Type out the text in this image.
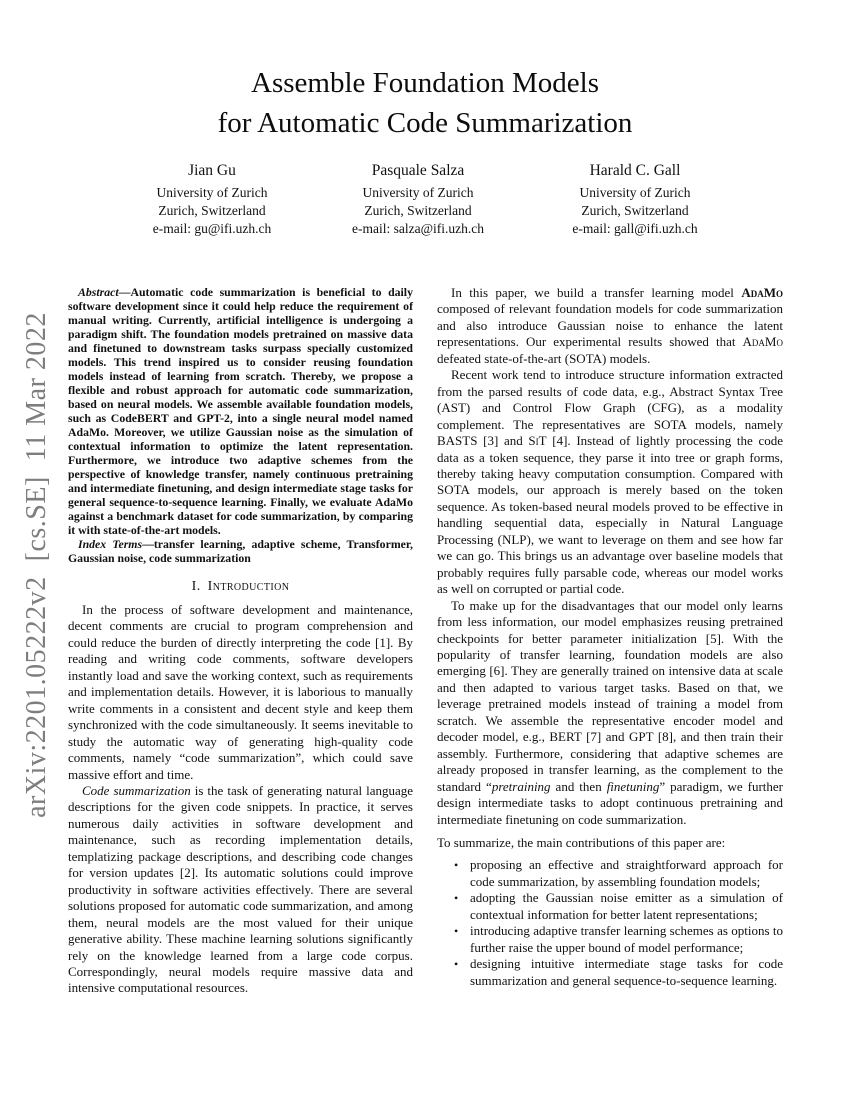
arXiv:2201.05222v2  [cs.SE]  11 Mar 2022
Assemble Foundation Models
for Automatic Code Summarization
Jian Gu
University of Zurich
Zurich, Switzerland
e-mail: gu@ifi.uzh.ch
Pasquale Salza
University of Zurich
Zurich, Switzerland
e-mail: salza@ifi.uzh.ch
Harald C. Gall
University of Zurich
Zurich, Switzerland
e-mail: gall@ifi.uzh.ch

Abstract—Automatic code summarization is beneficial to daily software development since it could help reduce the requirement of manual writing. Currently, artificial intelligence is undergoing a paradigm shift. The foundation models pretrained on massive data and finetuned to downstream tasks surpass specially customized models. This trend inspired us to consider reusing foundation models instead of learning from scratch. Thereby, we propose a flexible and robust approach for automatic code summarization, based on neural models. We assemble available foundation models, such as CodeBERT and GPT-2, into a single neural model named AdaMo. Moreover, we utilize Gaussian noise as the simulation of contextual information to optimize the latent representation. Furthermore, we introduce two adaptive schemes from the perspective of knowledge transfer, namely continuous pretraining and intermediate finetuning, and design intermediate stage tasks for general sequence-to-sequence learning. Finally, we evaluate AdaMo against a benchmark dataset for code summarization, by comparing it with state-of-the-art models.

Index Terms—transfer learning, adaptive scheme, Transformer, Gaussian noise, code summarization

I. Introduction

In the process of software development and maintenance, decent comments are crucial to program comprehension and could reduce the burden of directly interpreting the code [1]. By reading and writing code comments, software developers instantly load and save the working context, such as requirements and implementation details. However, it is laborious to manually write comments in a consistent and decent style and keep them synchronized with the code simultaneously. It seems inevitable to study the automatic way of generating high-quality code comments, namely “code summarization”, which could save massive effort and time.

Code summarization is the task of generating natural language descriptions for the given code snippets. In practice, it serves numerous daily activities in software development and maintenance, such as recording implementation details, templatizing package descriptions, and describing code changes for version updates [2]. Its automatic solutions could improve productivity in software activities effectively. There are several solutions proposed for automatic code summarization, and among them, neural models are the most valued for their unique generative ability. These machine learning solutions significantly rely on the knowledge learned from a large code corpus. Correspondingly, neural models require massive data and intensive computational resources.

In this paper, we build a transfer learning model AdaMo composed of relevant foundation models for code summarization and also introduce Gaussian noise to enhance the latent representations. Our experimental results showed that AdaMo defeated state-of-the-art (SOTA) models.

Recent work tend to introduce structure information extracted from the parsed results of code data, e.g., Abstract Syntax Tree (AST) and Control Flow Graph (CFG), as a modality complement. The representatives are SOTA models, namely BASTS [3] and SiT [4]. Instead of lightly processing the code data as a token sequence, they parse it into tree or graph forms, thereby taking heavy computation consumption. Compared with SOTA models, our approach is merely based on the token sequence. As token-based neural models proved to be effective in handling sequential data, especially in Natural Language Processing (NLP), we want to leverage on them and see how far we can go. This brings us an advantage over baseline models that probably requires fully parsable code, whereas our model works as well on corrupted or partial code.

To make up for the disadvantages that our model only learns from less information, our model emphasizes reusing pretrained checkpoints for better parameter initialization [5]. With the popularity of transfer learning, foundation models are also emerging [6]. They are generally trained on intensive data at scale and then adapted to various target tasks. Based on that, we leverage pretrained models instead of training a model from scratch. We assemble the representative encoder model and decoder model, e.g., BERT [7] and GPT [8], and then train their assembly. Furthermore, considering that adaptive schemes are already proposed in transfer learning, as the complement to the standard “pretraining and then finetuning” paradigm, we further design intermediate tasks to adopt continuous pretraining and intermediate finetuning on code summarization.

To summarize, the main contributions of this paper are:

• proposing an effective and straightforward approach for code summarization, by assembling foundation models;
• adopting the Gaussian noise emitter as a simulation of contextual information for better latent representations;
• introducing adaptive transfer learning schemes as options to further raise the upper bound of model performance;
• designing intuitive intermediate stage tasks for code summarization and general sequence-to-sequence learning.
